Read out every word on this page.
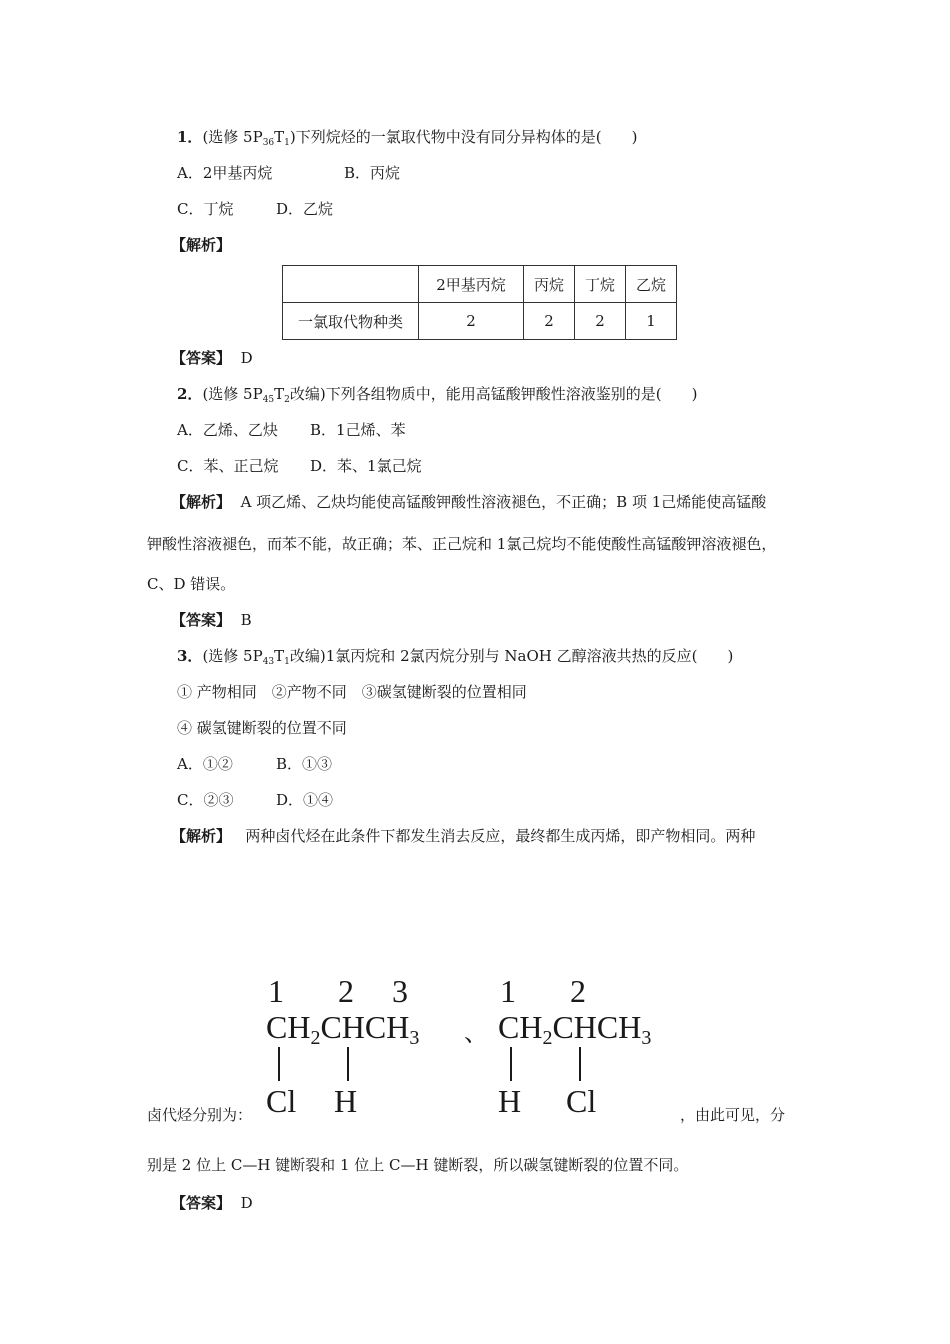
1．(选修 $5P_{36}T_1$)下列烷烃的一氯取代物中没有同分异构体的是(　　)
A．2甲基丙烷	B．丙烷
C．丁烷	D．乙烷
【解析】
	2甲基丙烷	丙烷	丁烷	乙烷
一氯取代物种类	2	2	2	1
【答案】 D
2．(选修 $5P_{45}T_2$改编)下列各组物质中，能用高锰酸钾酸性溶液鉴别的是(　　)
A．乙烯、乙炔 B．1己烯、苯
C．苯、正己烷 D．苯、1氯己烷
【解析】 A 项乙烯、乙炔均能使高锰酸钾酸性溶液褪色，不正确；B 项 1己烯能使高锰酸
钾酸性溶液褪色，而苯不能，故正确；苯、正己烷和 1氯己烷均不能使酸性高锰酸钾溶液褪色，
C、D 错误。
【答案】 B
3．(选修 $5P_{43}T_1$改编)1氯丙烷和 2氯丙烷分别与 NaOH 乙醇溶液共热的反应(　　)
① 产物相同　②产物不同　③碳氢键断裂的位置相同
④ 碳氢键断裂的位置不同
A．①②	B．①③
C．②③	D．①④
【解析】 两种卤代烃在此条件下都发生消去反应，最终都生成丙烯，即产物相同。两种
1 2 3
$CH_2CHCH_3$
Cl H
、
1 2
$CH_2CHCH_3$
H Cl
卤代烃分别为：	，由此可见，分
别是 2 位上 C—H 键断裂和 1 位上 C—H 键断裂，所以碳氢键断裂的位置不同。
【答案】 D
